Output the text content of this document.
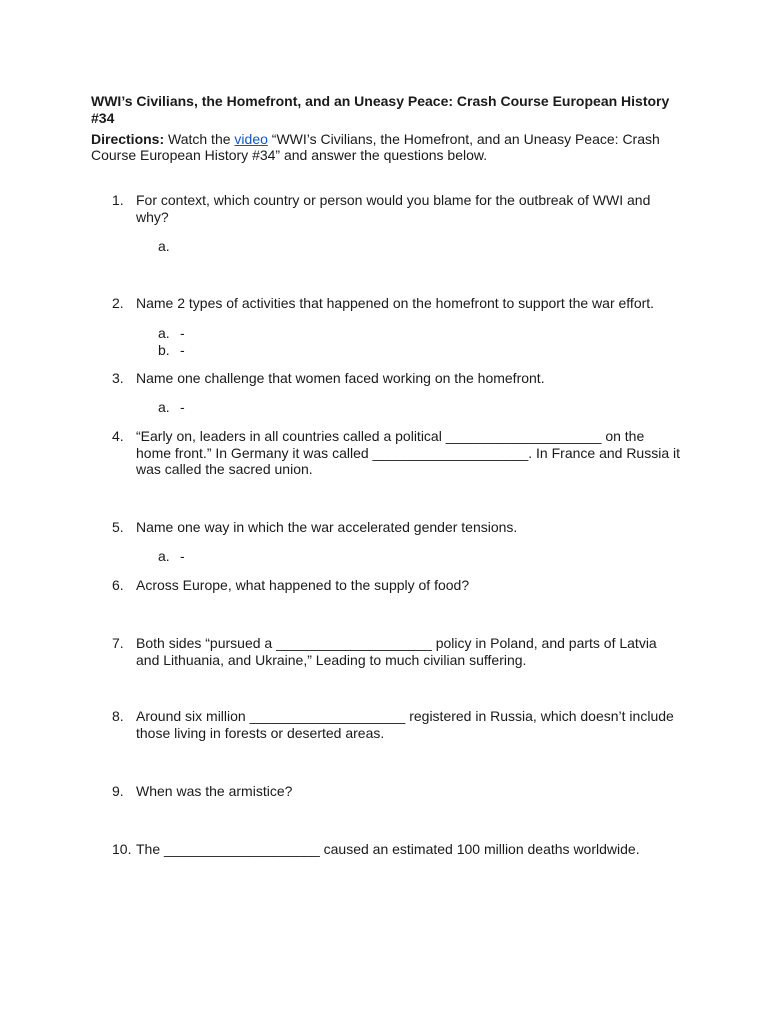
WWI’s Civilians, the Homefront, and an Uneasy Peace: Crash Course European History #34
Directions: Watch the video “WWI’s Civilians, the Homefront, and an Uneasy Peace: Crash Course European History #34” and answer the questions below.
1. For context, which country or person would you blame for the outbreak of WWI and why?
a.
2. Name 2 types of activities that happened on the homefront to support the war effort.
a. -
b. -
3. Name one challenge that women faced working on the homefront.
a. -
4. “Early on, leaders in all countries called a political ____________________ on the home front.” In Germany it was called ____________________. In France and Russia it was called the sacred union.
5. Name one way in which the war accelerated gender tensions.
a. -
6. Across Europe, what happened to the supply of food?
7. Both sides “pursued a ____________________ policy in Poland, and parts of Latvia and Lithuania, and Ukraine,” Leading to much civilian suffering.
8. Around six million ____________________ registered in Russia, which doesn’t include those living in forests or deserted areas.
9. When was the armistice?
10. The ____________________ caused an estimated 100 million deaths worldwide.
